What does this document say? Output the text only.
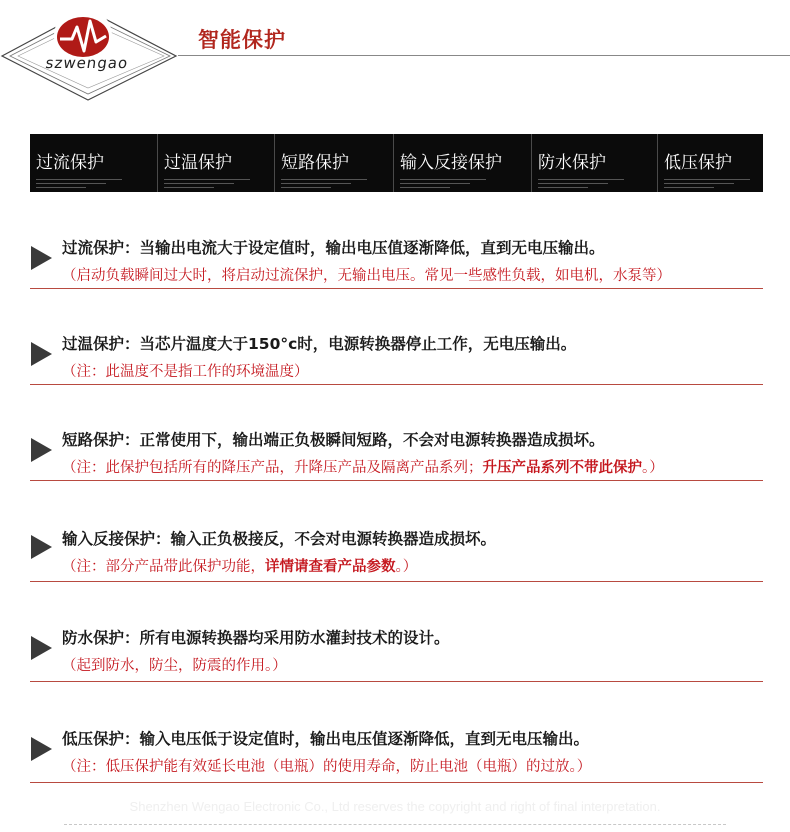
szwengao
智能保护
过流保护	过温保护	短路保护	输入反接保护	防水保护	低压保护
过流保护：当输出电流大于设定值时，输出电压值逐渐降低，直到无电压输出。
（启动负载瞬间过大时，将启动过流保护，无输出电压。常见一些感性负载，如电机，水泵等）
过温保护：当芯片温度大于150°c时，电源转换器停止工作，无电压输出。
（注：此温度不是指工作的环境温度）
短路保护：正常使用下，输出端正负极瞬间短路，不会对电源转换器造成损坏。
（注：此保护包括所有的降压产品，升降压产品及隔离产品系列；升压产品系列不带此保护。）
输入反接保护：输入正负极接反，不会对电源转换器造成损坏。
（注：部分产品带此保护功能，详情请查看产品参数。）
防水保护：所有电源转换器均采用防水灌封技术的设计。
（起到防水，防尘，防震的作用。）
低压保护：输入电压低于设定值时，输出电压值逐渐降低，直到无电压输出。
（注：低压保护能有效延长电池（电瓶）的使用寿命，防止电池（电瓶）的过放。）
Shenzhen Wengao Electronic Co., Ltd reserves the copyright and right of final interpretation.
